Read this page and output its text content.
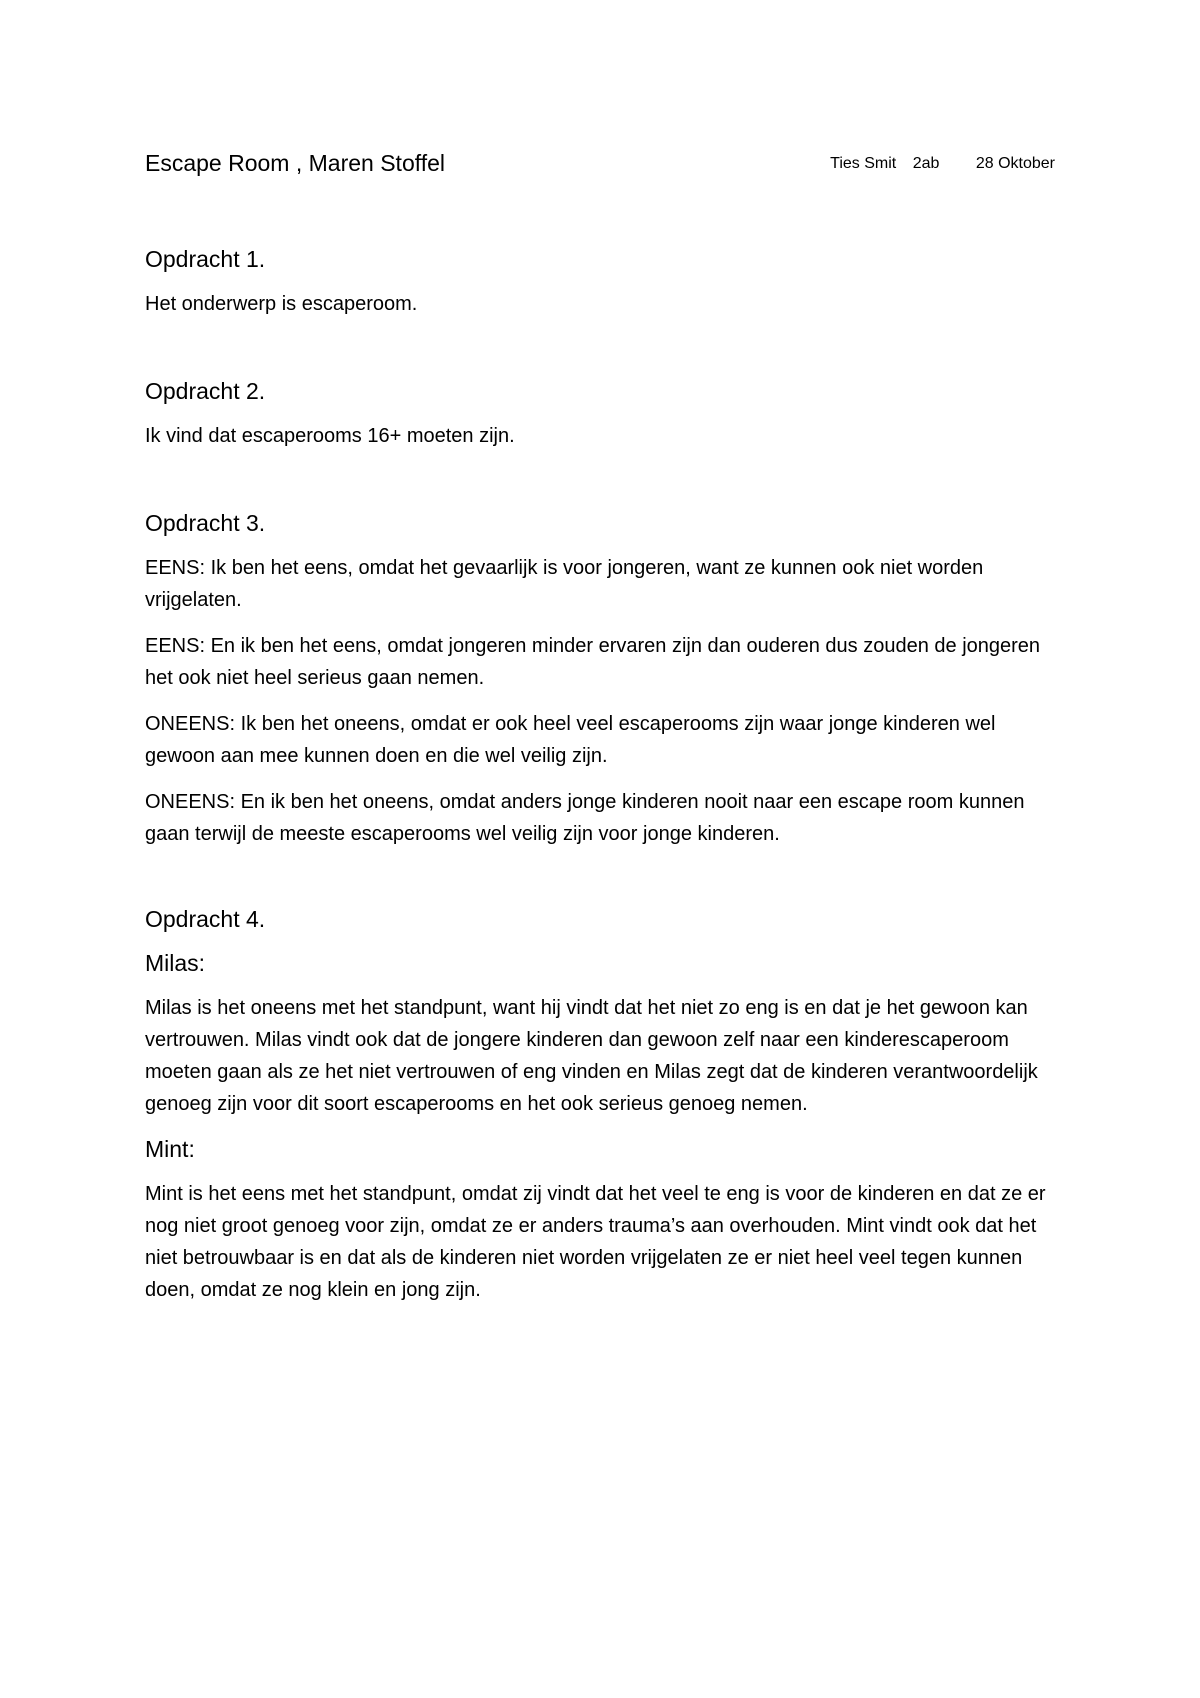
Escape Room , Maren Stoffel	Ties Smit 2ab 28 Oktober
Opdracht 1.

Het onderwerp is escaperoom.

Opdracht 2.

Ik vind dat escaperooms 16+ moeten zijn.

Opdracht 3.

EENS: Ik ben het eens, omdat het gevaarlijk is voor jongeren, want ze kunnen ook niet worden vrijgelaten.

EENS: En ik ben het eens, omdat jongeren minder ervaren zijn dan ouderen dus zouden de jongeren het ook niet heel serieus gaan nemen.

ONEENS: Ik ben het oneens, omdat er ook heel veel escaperooms zijn waar jonge kinderen wel gewoon aan mee kunnen doen en die wel veilig zijn.

ONEENS: En ik ben het oneens, omdat anders jonge kinderen nooit naar een escape room kunnen gaan terwijl de meeste escaperooms wel veilig zijn voor jonge kinderen.

Opdracht 4.
Milas:

Milas is het oneens met het standpunt, want hij vindt dat het niet zo eng is en dat je het gewoon kan vertrouwen. Milas vindt ook dat de jongere kinderen dan gewoon zelf naar een kinderescaperoom moeten gaan als ze het niet vertrouwen of eng vinden en Milas zegt dat de kinderen verantwoordelijk genoeg zijn voor dit soort escaperooms en het ook serieus genoeg nemen.

Mint:

Mint is het eens met het standpunt, omdat zij vindt dat het veel te eng is voor de kinderen en dat ze er nog niet groot genoeg voor zijn, omdat ze er anders trauma’s aan overhouden. Mint vindt ook dat het niet betrouwbaar is en dat als de kinderen niet worden vrijgelaten ze er niet heel veel tegen kunnen doen, omdat ze nog klein en jong zijn.
